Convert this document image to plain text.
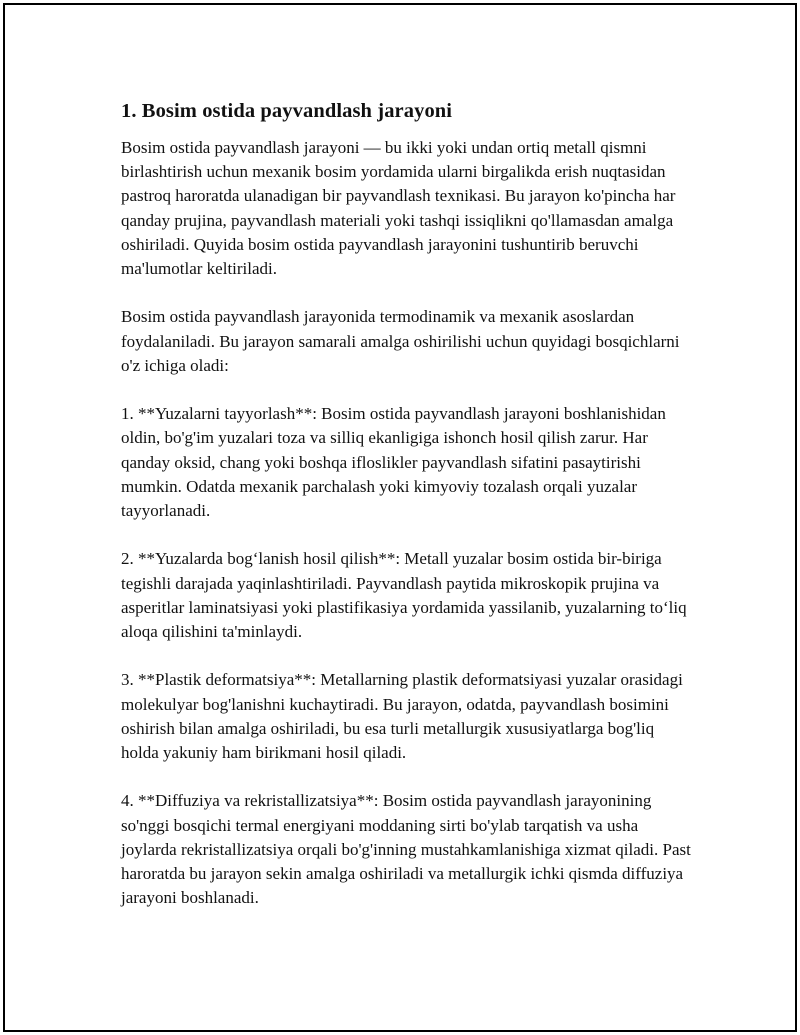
1. Bosim ostida payvandlash jarayoni

Bosim ostida payvandlash jarayoni — bu ikki yoki undan ortiq metall qismni birlashtirish uchun mexanik bosim yordamida ularni birgalikda erish nuqtasidan pastroq haroratda ulanadigan bir payvandlash texnikasi. Bu jarayon ko'pincha har qanday prujina, payvandlash materiali yoki tashqi issiqlikni qo'llamasdan amalga oshiriladi. Quyida bosim ostida payvandlash jarayonini tushuntirib beruvchi ma'lumotlar keltiriladi.

Bosim ostida payvandlash jarayonida termodinamik va mexanik asoslardan foydalaniladi. Bu jarayon samarali amalga oshirilishi uchun quyidagi bosqichlarni o'z ichiga oladi:

1. **Yuzalarni tayyorlash**: Bosim ostida payvandlash jarayoni boshlanishidan oldin, bo'g'im yuzalari toza va silliq ekanligiga ishonch hosil qilish zarur. Har qanday oksid, chang yoki boshqa ifloslikler payvandlash sifatini pasaytirishi mumkin. Odatda mexanik parchalash yoki kimyoviy tozalash orqali yuzalar tayyorlanadi.

2. **Yuzalarda bog‘lanish hosil qilish**: Metall yuzalar bosim ostida bir-biriga tegishli darajada yaqinlashtiriladi. Payvandlash paytida mikroskopik prujina va asperitlar laminatsiyasi yoki plastifikasiya yordamida yassilanib, yuzalarning to‘liq aloqa qilishini ta'minlaydi.

3. **Plastik deformatsiya**: Metallarning plastik deformatsiyasi yuzalar orasidagi molekulyar bog'lanishni kuchaytiradi. Bu jarayon, odatda, payvandlash bosimini oshirish bilan amalga oshiriladi, bu esa turli metallurgik xususiyatlarga bog'liq holda yakuniy ham birikmani hosil qiladi.

4. **Diffuziya va rekristallizatsiya**: Bosim ostida payvandlash jarayonining so'nggi bosqichi termal energiyani moddaning sirti bo'ylab tarqatish va usha joylarda rekristallizatsiya orqali bo'g'inning mustahkamlanishiga xizmat qiladi. Past haroratda bu jarayon sekin amalga oshiriladi va metallurgik ichki qismda diffuziya jarayoni boshlanadi.
